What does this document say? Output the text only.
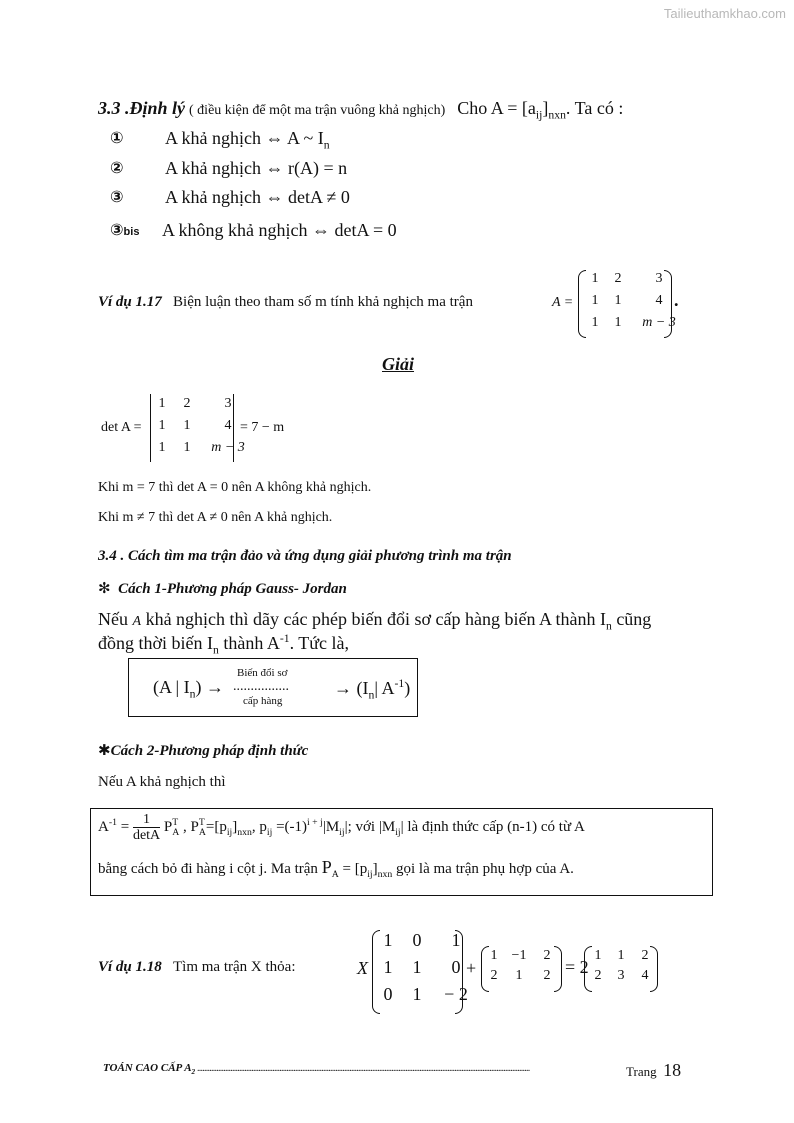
Tailieuthamkhao.com
3.3 .Định lý ( điều kiện để một ma trận vuông khả nghịch) Cho $A = [a_{ij}]_{nxn}$. Ta có :
① A khả nghịch ⇔ A ~ $I_n$
② A khả nghịch ⇔ r(A) = n
③ A khả nghịch ⇔ detA ≠ 0
③bis A không khả nghịch ⇔ detA = 0
Ví dụ 1.17 Biện luận theo tham số m tính khả nghịch ma trận	A =
1	2	3
1	1	4
1	1	m − 3
.
Giải
det A =
1	2	3
1	1	4
1	1	m − 3
= 7 − m
Khi m = 7 thì det A = 0 nên A không khả nghịch.
Khi m ≠ 7 thì det A ≠ 0 nên A khả nghịch.
3.4 . Cách tìm ma trận đảo và ứng dụng giải phương trình ma trận
✻ Cách 1-Phương pháp Gauss- Jordan
Nếu A khả nghịch thì dãy các phép biến đổi sơ cấp hàng biến A thành $I_n$ cũng
đồng thời biến $I_n$ thành $A^{-1}$. Tức là,
(A | $I_n$) →
Biến đổi sơ
................
cấp hàng
→ ($I_n|$ $A^{-1}$)
✱Cách 2-Phương pháp định thức
Nếu A khả nghịch thì
$A^{-1} = \frac{1}{\det A} P^T_A$ , $P^T_A=[p_{ij}]_{nxn}$, $p_{ij} =(-1)^{i + j}|M_{ij}|$; với $|M_{ij}|$ là định thức cấp (n-1) có từ A
bằng cách bỏ đi hàng i cột j. Ma trận $P_A = [p_{ij}]_{nxn}$ gọi là ma trận phụ hợp của A.
Ví dụ 1.18 Tìm ma trận X thỏa:	X
1	0	1
1	1	0
0	1	− 2
+
1	−1	2
2	1	2 = 2
1	1	2
2	3	4
TOÁN CAO CẤP $A_2$ ..............................................................................................................................................................................................	Trang 18
